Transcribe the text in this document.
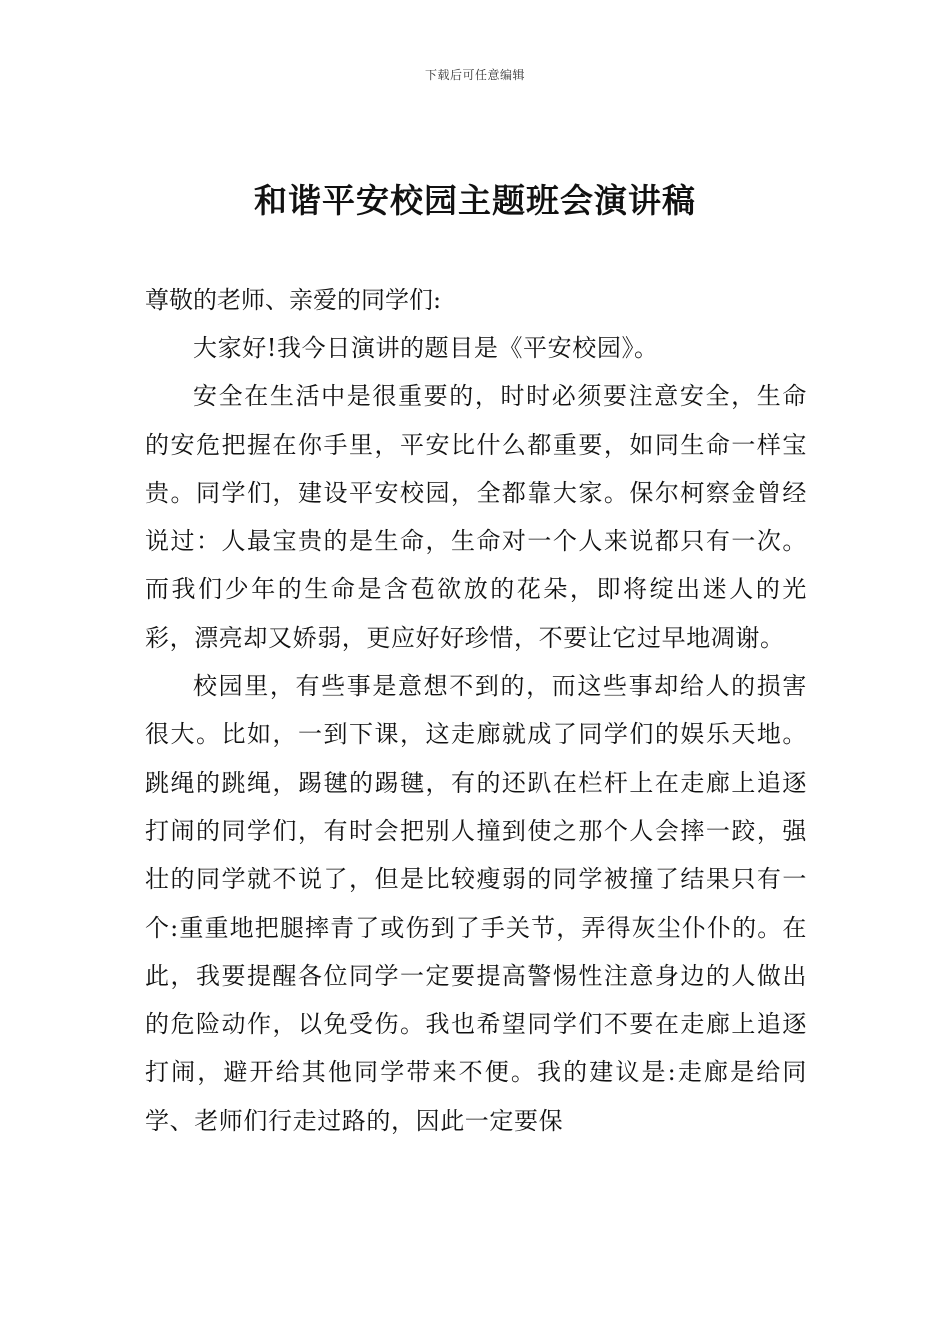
下载后可任意编辑
和谐平安校园主题班会演讲稿

尊敬的老师、亲爱的同学们:

大家好!我今日演讲的题目是《平安校园》。

安全在生活中是很重要的，时时必须要注意安全，生命的安危把握在你手里，平安比什么都重要，如同生命一样宝贵。同学们，建设平安校园，全都靠大家。保尔柯察金曾经说过：人最宝贵的是生命，生命对一个人来说都只有一次。而我们少年的生命是含苞欲放的花朵，即将绽出迷人的光彩，漂亮却又娇弱，更应好好珍惜，不要让它过早地凋谢。

校园里，有些事是意想不到的，而这些事却给人的损害很大。比如，一到下课，这走廊就成了同学们的娱乐天地。跳绳的跳绳，踢毽的踢毽，有的还趴在栏杆上在走廊上追逐打闹的同学们，有时会把别人撞到使之那个人会摔一跤，强壮的同学就不说了，但是比较瘦弱的同学被撞了结果只有一个:重重地把腿摔青了或伤到了手关节，弄得灰尘仆仆的。在此，我要提醒各位同学一定要提高警惕性注意身边的人做出的危险动作，以免受伤。我也希望同学们不要在走廊上追逐打闹，避开给其他同学带来不便。我的建议是:走廊是给同学、老师们行走过路的，因此一定要保
